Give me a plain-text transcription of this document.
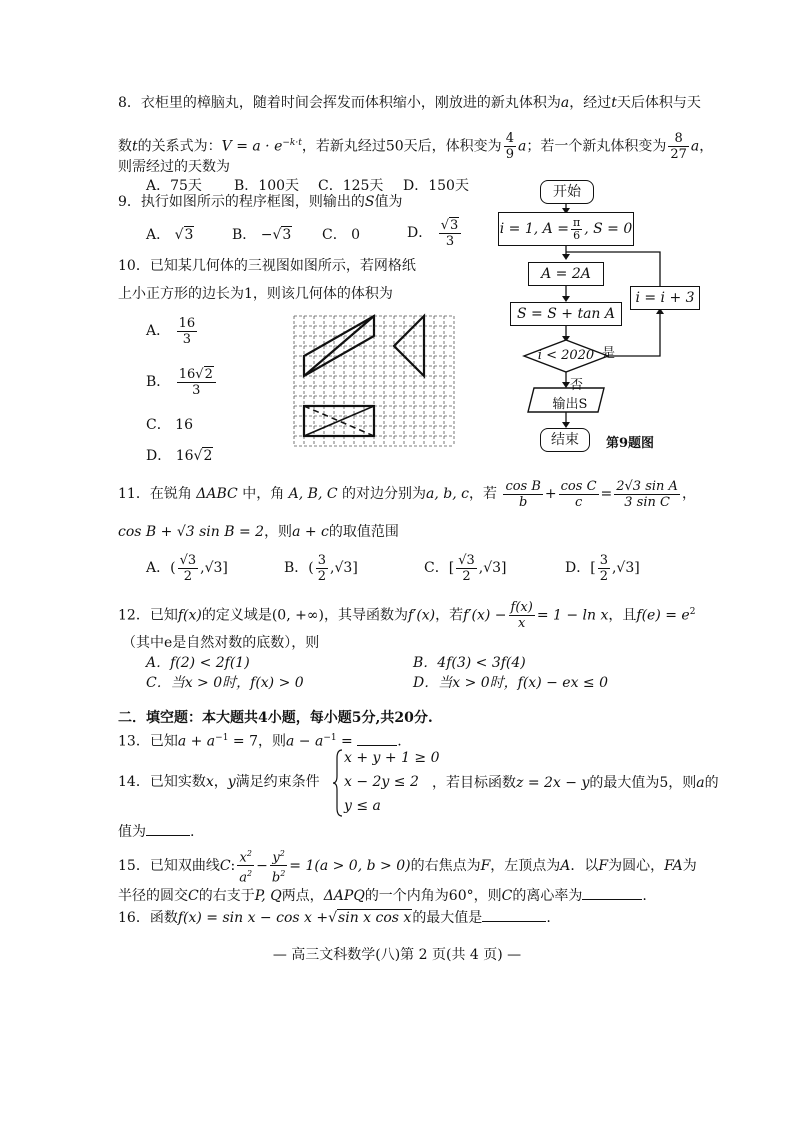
8．衣柜里的樟脑丸，随着时间会挥发而体积缩小，刚放进的新丸体积为a，经过t天后体积与天
数t的关系式为：$V = a \cdot e^{-k\cdot t}$，若新丸经过50天后，体积变为 $\frac{4}{9}$ a；若一个新丸体积变为 $\frac{8}{27}$ a，
则需经过的天数为
A．75天 B．100天 C．125天 D．150天
9．执行如图所示的程序框图，则输出的S值为
A． √3	B． −√3 C． 0	D． $\frac{√3}{3}$
10．已知某几何体的三视图如图所示，若网格纸
上小正方形的边长为1，则该几何体的体积为
A． $\frac{16}{3}$
B． $\frac{16√2}{3}$
C． 16
D． 16√2
开始
i = 1, $A = \frac{\pi}{6}$ , S = 0
A = 2A
S = S + tan A
i < 2020
i = i + 3
是
否
输出S
结束	第9题图
11．在锐角 ΔABC 中，角 A, B, C 的对边分别为a, b, c，若 $\frac{\text{cos B}}{b} + \frac{\text{cos C}}{c} = \frac{\text{2√3 sin A}}{\text{3 sin C}}$ ，
cos B + √3 sin B = 2，则a + c的取值范围
A．( $\frac{√3}{2} ,√3$]	B．( $\frac{3}{2} ,√3$]	C．[ $\frac{√3}{2} ,√3$]	D．[ $\frac{3}{2} ,√3$]
12．已知f(x)的定义域是(0, +∞)，其导函数为f′(x)，若$f'(x) - \frac{f(x)}{x} = 1 - \ln x$，且$f(e) = e^2$
（其中e是自然对数的底数），则
A．f(2) < 2f(1)	B．4f(3) < 3f(4)
C．当x > 0时，f(x) > 0	D．当x > 0时，f(x) − ex ≤ 0
二．填空题：本大题共4小题，每小题5分,共20分.
13．已知$a + a^{-1} = 7$，则$a - a^{-1}$ =	.
14．已知实数x，y满足约束条件
x + y + 1 ≥ 0
x − 2y ≤ 2
y ≤ a
，若目标函数z = 2x − y的最大值为5，则a的
值为	.
15．已知双曲线C: $\frac{x^2}{a^2} - \frac{y^2}{b^2} = 1(a > 0$, b > 0)的右焦点为F，左顶点为A．以F为圆心，FA为
半径的圆交C的右支于P, Q两点，ΔAPQ的一个内角为60°，则C的离心率为	.
16．函数f(x) = sin x − cos x +√sin x cos x的最大值是	.
— 高三文科数学(八)第 2 页(共 4 页) —
